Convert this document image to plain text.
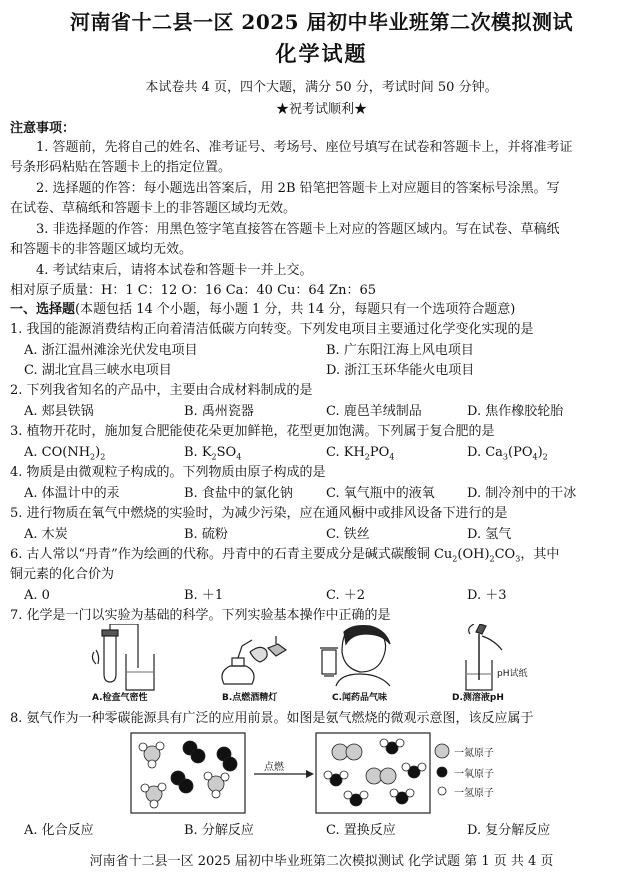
河南省十二县一区 2025 届初中毕业班第二次模拟测试
化学试题
本试卷共 4 页，四个大题，满分 50 分，考试时间 50 分钟。
★祝考试顺利★
注意事项：
1. 答题前，先将自己的姓名、准考证号、考场号、座位号填写在试卷和答题卡上，并将准考证
号条形码粘贴在答题卡上的指定位置。
2. 选择题的作答：每小题选出答案后，用 2B 铅笔把答题卡上对应题目的答案标号涂黑。写
在试卷、草稿纸和答题卡上的非答题区域均无效。
3. 非选择题的作答：用黑色签字笔直接答在答题卡上对应的答题区域内。写在试卷、草稿纸
和答题卡的非答题区域均无效。
4. 考试结束后，请将本试卷和答题卡一并上交。
相对原子质量：H：1 C：12 O：16 Ca：40 Cu：64 Zn：65
一、选择题(本题包括 14 个小题，每小题 1 分，共 14 分，每题只有一个选项符合题意)
1. 我国的能源消费结构正向着清洁低碳方向转变。下列发电项目主要通过化学变化实现的是
A. 浙江温州滩涂光伏发电项目	B. 广东阳江海上风电项目
C. 湖北宜昌三峡水电项目	D. 浙江玉环华能火电项目
2. 下列我省知名的产品中，主要由合成材料制成的是
A. 郏县铁锅	B. 禹州瓷器	C. 鹿邑羊绒制品	D. 焦作橡胶轮胎
3. 植物开花时，施加复合肥能使花朵更加鲜艳，花型更加饱满。下列属于复合肥的是
A. $CO(NH_2)_2$	B. $K_2SO_4$	C. $KH_2PO_4$	D. $Ca_3(PO_4)_2$
4. 物质是由微观粒子构成的。下列物质由原子构成的是
A. 体温计中的汞	B. 食盐中的氯化钠	C. 氧气瓶中的液氧 D. 制冷剂中的干冰
5. 进行物质在氧气中燃烧的实验时，为减少污染，应在通风橱中或排风设备下进行的是
A. 木炭	B. 硫粉	C. 铁丝	D. 氢气
6. 古人常以“丹青”作为绘画的代称。丹青中的石青主要成分是碱式碳酸铜 $Cu_2(OH)_2CO_3$，其中
铜元素的化合价为
A. 0	B. ＋1	C. ＋2	D. ＋3
7. 化学是一门以实验为基础的科学。下列实验基本操作中正确的是
A.检查气密性	B.点燃酒精灯	C.闻药品气味	D.测溶液pH
pH试纸
8. 氨气作为一种零碳能源具有广泛的应用前景。如图是氨气燃烧的微观示意图，该反应属于
点燃
一氮原子
一氧原子
一氢原子
A. 化合反应	B. 分解反应	C. 置换反应	D. 复分解反应
河南省十二县一区 2025 届初中毕业班第二次模拟测试 化学试题 第 1 页 共 4 页
